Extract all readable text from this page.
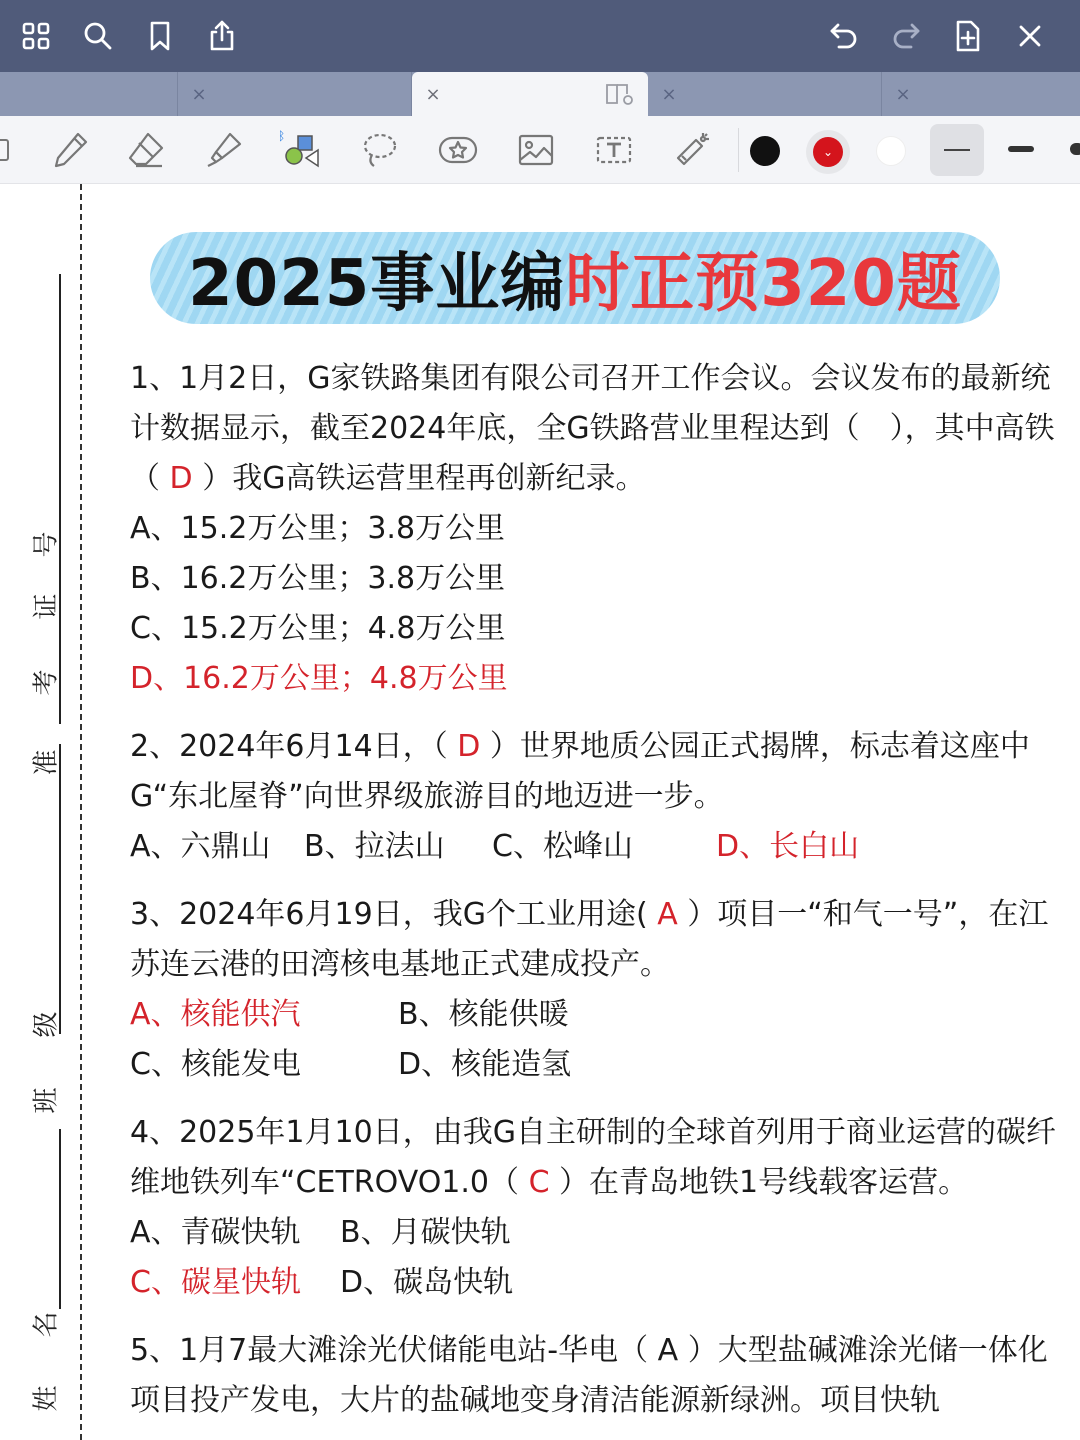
×	×	×	×
ᛒ
⌄
号
证
考
准
级
班
名
姓
2025事业编 时正预320题
1、1月2日，G家铁路集团有限公司召开工作会议。会议发布的最新统计数据显示，截至2024年底，全G铁路营业里程达到（　），其中高铁（ D ）我G高铁运营里程再创新纪录。
A、15.2万公里；3.8万公里
B、16.2万公里；3.8万公里
C、15.2万公里；4.8万公里
D、16.2万公里；4.8万公里
2、2024年6月14日，（ D ）世界地质公园正式揭牌，标志着这座中G“东北屋脊”向世界级旅游目的地迈进一步。
A、六鼎山 B、拉法山 C、松峰山	D、长白山
3、2024年6月19日，我G个工业用途( A ）项目一“和气一号”，在江苏连云港的田湾核电基地正式建成投产。
A、核能供汽	B、核能供暖
C、核能发电	D、核能造氢
4、2025年1月10日，由我G自主研制的全球首列用于商业运营的碳纤维地铁列车“CETROVO1.0（ C ）在青岛地铁1号线载客运营。
A、青碳快轨 B、月碳快轨
C、碳星快轨 D、碳岛快轨
5、1月7最大滩涂光伏储能电站-华电（ A ）大型盐碱滩涂光储一体化项目投产发电，大片的盐碱地变身清洁能源新绿洲。项目快轨
